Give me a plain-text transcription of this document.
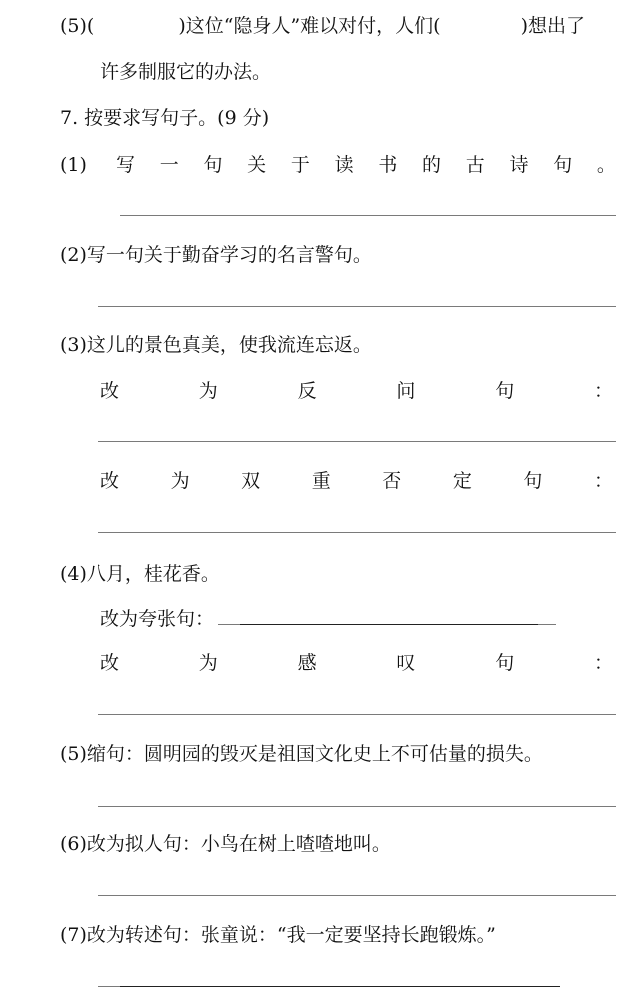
(5)(	)这位“隐身人”难以对付，人们(	)想出了
许多制服它的办法。
7. 按要求写句子。(9 分)
(1) 写 一 句 关 于 读 书 的 古 诗 句 。
(2)写一句关于勤奋学习的名言警句。
(3)这儿的景色真美，使我流连忘返。
改	为	反	问	句	：
改	为	双	重	否	定	句	：
(4)八月，桂花香。
改为夸张句：
改	为	感	叹	句	：
(5)缩句：圆明园的毁灭是祖国文化史上不可估量的损失。
(6)改为拟人句：小鸟在树上喳喳地叫。
(7)改为转述句：张童说：“我一定要坚持长跑锻炼。”
